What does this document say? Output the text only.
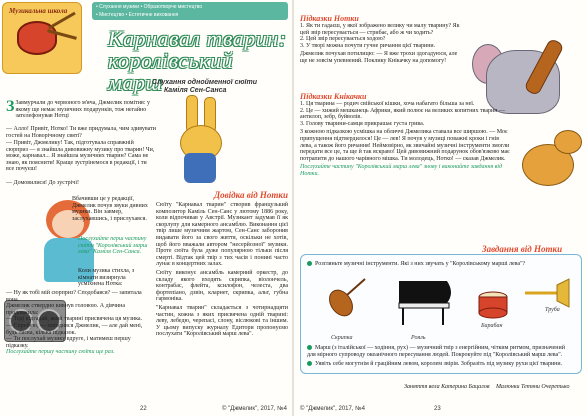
Музикальна школа	• Слухання музики • Образотворче мистецтво
• Мистецтво • Естетичне виховання
Карнавал тварин:
королівський марш
Слухання однойменної сюїти
Каміля Сен-Санса
З Завмурчали до червоного м'яча, Джмелик помітив: у якому ще немає музичних подарунків, тож негайно зателефонував Нотці
— Алло! Привіт, Нотко! Ти вже придумала, чим здивувати гостей на Новорічному святі?
— Привіт, Джмелику! Так, підготувала справжній сюрприз — я знайшла дивовижну музику про тварин! Чи, може, карнавал... Я знайшла музичних тварин? Сама не знаю, як пояснити! Краще зустрінемося в редакції, і ти все почуєш!
— Домовилися! До зустрічі!
Вбачивши це у редакції, Джмелик почув звуки дивних музики. Він завмер, заслухавшись, і прислухався.
Послухайте перш частину сюїти "Королівський марш лева" Каміля Сен-Санса.
Коли музика стихла, з кімнати визирнула усміхнена Нотка:
— Ну як тобі мій сюрприз? Сподобався? — запитала вона.
Джмелик ствердно кивнув головою. А дівчина продовжила:
— Тоді відгадай, який тварині присвячена ця музика.
— Спробую, — погодився Джмелик, — але дай мені, будь ласка, кілька підказок.
— Ти послухай музику вдруге, і матимеш першу підказку.
Послухайте першу частину сюїти ще раз.
Довідка від Нотки
Сюїту "Карнавал тварин" створив французький композитор Каміль Сен-Санс у лютому 1886 року, коли відпочивав у Австрії. Музикант задумав її як скорлупу для камерного ансамблю. Виконання цієї твір лише музичним жартом, Сен-Санс заборонив видавати його за свого життя, оскільки не хотів, щоб його вважали автором "несерйозної" музики. Проте сюїта була дуже популярною тільки після смерті. Відтак цей твір з тих часів і понині часто лунає в концертних залах.
Сюїту виконує ансамбль камерний оркестр, до складу якого входять скрипка, віолончель, контрабас, флейта, ксилофон, челеста, два фортепіано, дзвін, кларнет, скрипка, альт, губна гармоніка.
"Карнавал тварин" складається з чотирнадцяти частин, кожна з яких присвячена одній тварині: леву, лебедю, черепасі, слону, віслюкові та іншим. У цьому випуску журналу Едитори пропонуємо послухати "Королівський марш лева".
22	© "Джмелик", 2017, №4
Підказки Нотки
1. Як ти гадаєш, у якої зображено велику чи малу тварину? Як цей звір пересувається — стрибає, або ж чи ходить?
2. Цей звір пересувається ходою?
3. У творі можна почути гучне ричання цієї тварини.
Джмелик почухав потилицю: — Я вже трохи здогадуюся, але ще не зовсім упевнений. Поклику Кнікачку на допомогу!
Підказки Кнікачки
1. Ця тварина — родич свійської кішки, хоча набагато більша за неї.
2. Це — хижий мешканець Африки, який полює на великих копитних тварин — антилоп, зебр, буйволів.
3. Голову тварини-самця прикрашає густа грива.
З кожною підказкою усмішка на обличчі Джмелика ставала все ширшою. — Моє припущення підтвердилося! Це — лев! Я почув у музиці поважні кроки і гнів лева, а також його ричання! Неймовірно, як звичайні музичні інструменти змогли передати все це, та ще й так яскраво! Цей дивовижний подарунок обов'язково має потрапити до нашого чарівного мішка. Ти молодець, Нотко! — сказав Джмелик.
Послухайте частину "Королівський марш лева" знову і виконайте завдання від Нотки.
Завдання від Нотки
Розгляньте музичні інструменти. Які з них звучать у "Королівському марші лева"?
Скрипка	Рояль
Барабан
Труба
Марш (з італійської — ходіння, рух) — музичний твір з енергійним, чітким ритмом, призначений для мірного супроводу океанічного пересування людей. Покрокуйте під "Королівський марш лева".
Уявіть себе могутнім й граційним левом, королем звірів. Зобразіть під музику рухи цієї тварини.
Заняття вела Катерина Бацалов Малюнки Тетяни Очеретько
© "Джмелик", 2017, №4	23
